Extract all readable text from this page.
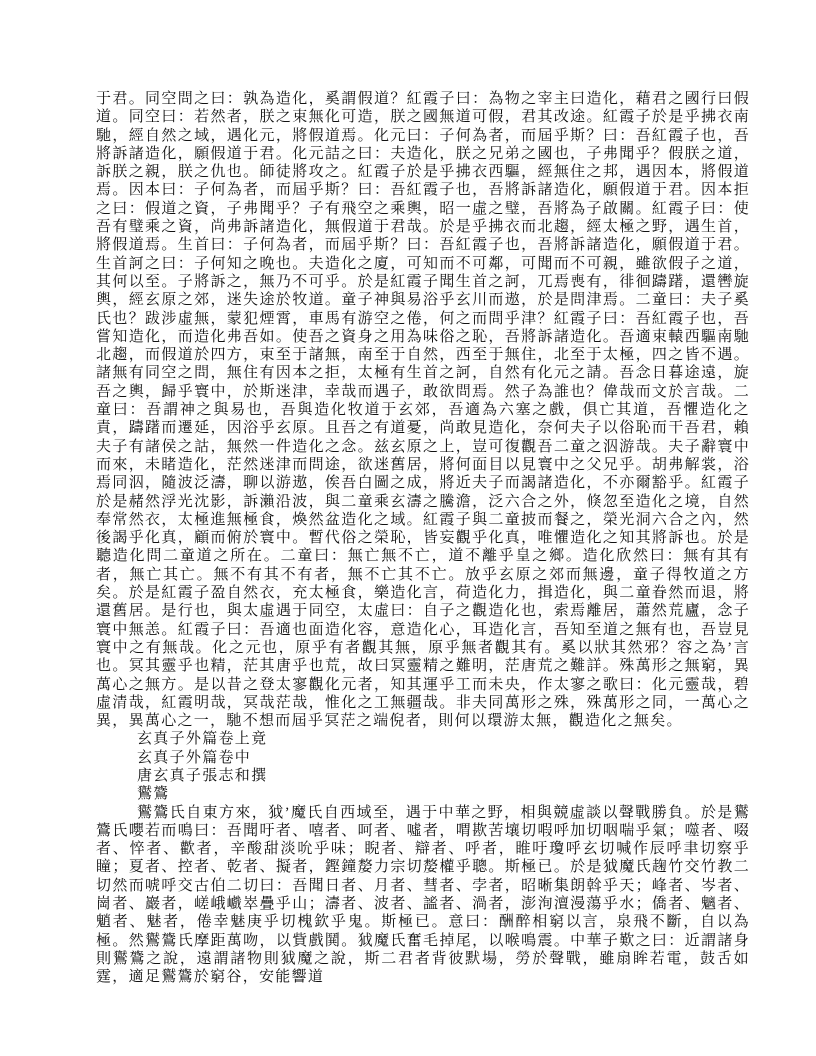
于君。同空問之曰：孰為造化，奚謂假道？紅霞子曰：為物之宰主曰造化，藉君之國行曰假道。同空曰：若然者，朕之束無化可造，朕之國無道可假，君其改途。紅霞子於是乎拂衣南馳，經自然之域，遇化元，將假道焉。化元曰：子何為者，而屆乎斯？曰：吾紅霞子也，吾將訴諸造化，願假道于君。化元詰之曰：夫造化，朕之兄弟之國也，子弗聞乎？假朕之道，訴朕之親，朕之仇也。師徒將攻之。紅霞子於是乎拂衣西驅，經無住之邦，遇因本，將假道焉。因本曰：子何為者，而屆乎斯？曰：吾紅霞子也，吾將訴諸造化，願假道于君。因本拒之曰：假道之資，子弗聞乎？子有飛空之乘輿，昭一虛之璧，吾將為子啟關。紅霞子曰：使吾有璧乘之資，尚弗訴諸造化，無假道于君哉。於是乎拂衣而北趨，經太極之野，遇生首，將假道焉。生首曰：子何為者，而屆乎斯？曰：吾紅霞子也，吾將訴諸造化，願假道于君。生首訶之曰：子何知之晚也。夫造化之廈，可知而不可鄰，可聞而不可親，雖欲假子之道，其何以至。子將訴之，無乃不可乎。於是紅霞子聞生首之訶，兀焉喪有，徘徊躊躇，還轡旋輿，經玄原之郊，迷失途於牧道。童子神與易浴乎玄川而遨，於是問津焉。二童曰：夫子奚氏也？跋涉虛無，蒙犯煙霄，車馬有游空之倦，何之而問乎津？紅霞子曰：吾紅霞子也，吾嘗知造化，而造化弗吾如。使吾之資身之用為味俗之恥，吾將訴諸造化。吾適束轅西驅南馳北趨，而假道於四方，束至于諸無，南至于自然，西至于無住，北至于太極，四之皆不遇。諸無有同空之問，無住有因本之拒，太極有生首之訶，自然有化元之請。吾念日暮途遠，旋吾之輿，歸乎寰中，於斯迷津，幸哉而遇子，敢欲問焉。然子為誰也？偉哉而文於言哉。二童曰：吾謂神之與易也，吾與造化牧道于玄郊，吾適為六塞之戲，俱亡其道，吾懼造化之責，躊躇而遷延，因浴乎玄原。且吾之有道憂，尚敢見造化，奈何夫子以俗恥而干吾君，賴夫子有諸侯之詁，無然一件造化之念。兹玄原之上，豈可復觀吾二童之泅游哉。夫子辭寰中而來，未睹造化，茫然迷津而問途，欲迷舊居，將何面目以見寰中之父兄乎。胡弗解裳，浴焉同泅，隨波泛濤，聊以游遨，俟吾白圖之成，將近夫子而謁諸造化，不亦爾豁乎。紅霞子於是赭然浮光沈影，訴瀨沿波，與二童乘玄濤之騰澹，泛六合之外，倏忽至造化之境，自然奉常然衣，太極進無極食，煥然盆造化之域。紅霞子與二童披而餐之，榮光洞六合之內，然後謁乎化真，顧而俯於寰中。暫代俗之榮恥，皆妄觀乎化真，唯懼造化之知其將訴也。於是聽造化問二童道之所在。二童曰：無亡無不亡，道不離乎皇之鄉。造化欣然曰：無有其有者，無亡其亡。無不有其不有者，無不亡其不亡。放乎玄原之郊而無邊，童子得牧道之方矣。於是紅霞子盈自然衣，充太極食，樂造化言，荷造化力，揖造化，與二童眷然而退，將還舊居。是行也，與太虛遇于同空，太虛曰：自子之觀造化也，索焉離居，蕭然荒廬，念子寰中無恙。紅霞子曰：吾適也面造化容，意造化心，耳造化言，吾知至道之無有也，吾豈見寰中之有無哉。化之元也，原乎有者觀其無，原乎無者觀其有。奚以狀其然邪？容之為’言也。冥其靈乎也精，茫其唐乎也荒，故曰冥靈精之難明，茫唐荒之難詳。殊萬形之無窮，異萬心之無方。是以昔之登太寥觀化元者，知其運乎工而未央，作太寥之歌曰：化元靈哉，碧虛清哉，紅霞明哉，冥哉茫哉，惟化之工無疆哉。非夫同萬形之殊，殊萬形之同，一萬心之異，異萬心之一，馳不想而屆乎冥茫之端倪者，則何以環游太無，觀造化之無矣。

玄真子外篇卷上竟
玄真子外篇卷中
唐玄真子張志和撰
鸑鷟

鸑鷟氏自東方來，狘’魔氏自西域至，遇于中華之野，相與競虛談以聲戰勝負。於是鸑鷟氏嚶若而鳴曰：吾聞吁者、嘻者、呵者、噓者，喟歁苦壤切㗇呼加切咽喘乎氣；噬者、啜者、悴者、歡者，辛酸甜淡吮乎味；睨者、辯者、呼者，睢吁瓊呼玄切喊作辰呼聿切察乎瞳；夏者、控者、乾者、擬者，鏗鐘嫠力宗切嫠權乎聰。斯極已。於是狘魔氏趜竹交竹教二切然而唬呼交古伯二切曰：吾聞日者、月者、彗者、孛者，昭晰集朗斡乎天；峰者、岑者、崗者、巖者，嵯峨巇崒疊乎山；濤者、波者、謐者、渦者，澎洵澶漫蕩乎水；僑者、魑者、魈者、魅者，倦幸魅庚乎切槐欽乎鬼。斯極已。意曰：酬醉相窮以言，泉飛不斷，自以為極。然鸑鷟氏摩距萬吻，以貲戲鬨。狘魔氏奮毛掉尾，以喉鳴震。中華子歎之曰：近謂諸身則鸑鷟之說，遠謂諸物則狘魔之說，斯二君者背彼默場，勞於聲戰，雖扇眸若電，鼓舌如霆，適足鸑鷟於窮谷，安能響道
